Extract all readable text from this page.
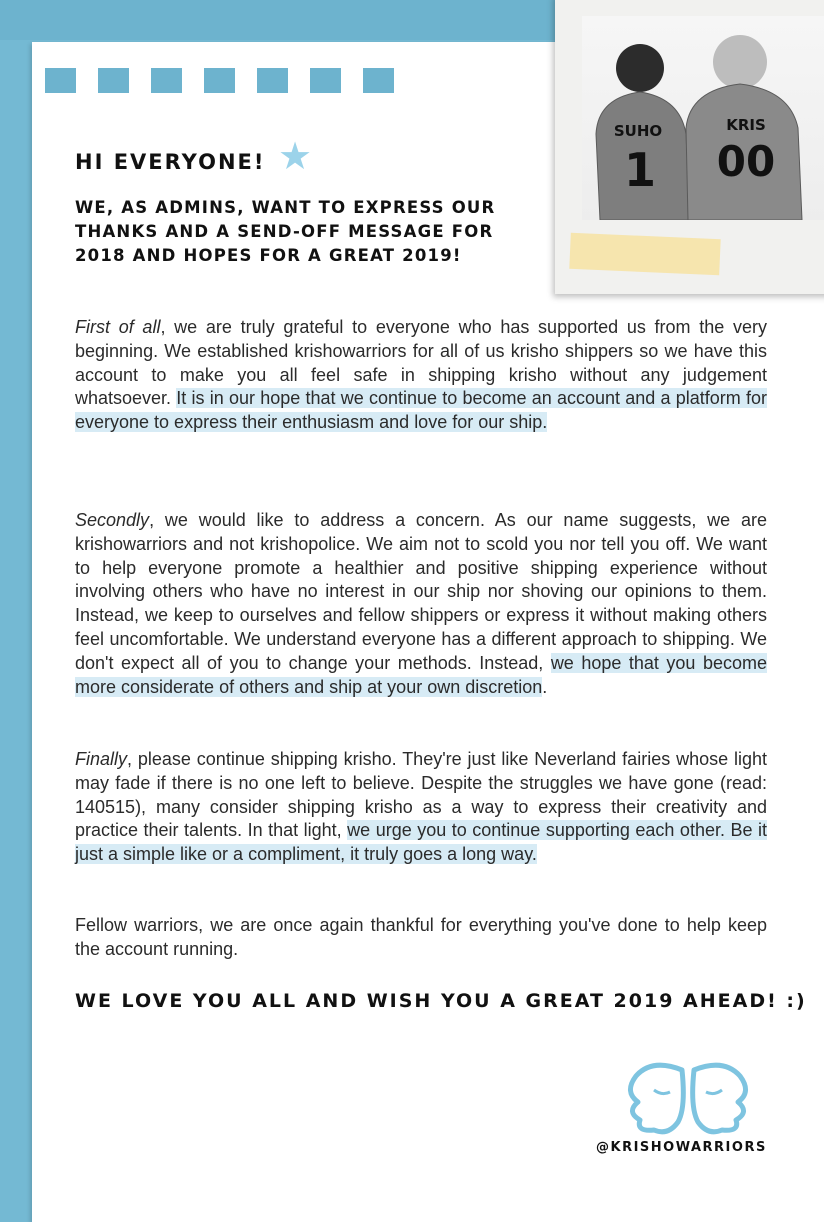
SUHO
1
KRIS
00
HI EVERYONE! ★
WE, AS ADMINS, WANT TO EXPRESS OUR THANKS AND A SEND-OFF MESSAGE FOR 2018 AND HOPES FOR A GREAT 2019!
First of all, we are truly grateful to everyone who has supported us from the very beginning. We established krishowarriors for all of us krisho shippers so we have this account to make you all feel safe in shipping krisho without any judgement whatsoever. It is in our hope that we continue to become an account and a platform for everyone to express their enthusiasm and love for our ship.
Secondly, we would like to address a concern. As our name suggests, we are krishowarriors and not krishopolice. We aim not to scold you nor tell you off. We want to help everyone promote a healthier and positive shipping experience without involving others who have no interest in our ship nor shoving our opinions to them. Instead, we keep to ourselves and fellow shippers or express it without making others feel uncomfortable. We understand everyone has a different approach to shipping. We don't expect all of you to change your methods. Instead, we hope that you become more considerate of others and ship at your own discretion.
Finally, please continue shipping krisho. They're just like Neverland fairies whose light may fade if there is no one left to believe. Despite the struggles we have gone (read: 140515), many consider shipping krisho as a way to express their creativity and practice their talents. In that light, we urge you to continue supporting each other. Be it just a simple like or a compliment, it truly goes a long way.
Fellow warriors, we are once again thankful for everything you've done to help keep the account running.
WE LOVE YOU ALL AND WISH YOU A GREAT 2019 AHEAD! :)
@KRISHOWARRIORS
